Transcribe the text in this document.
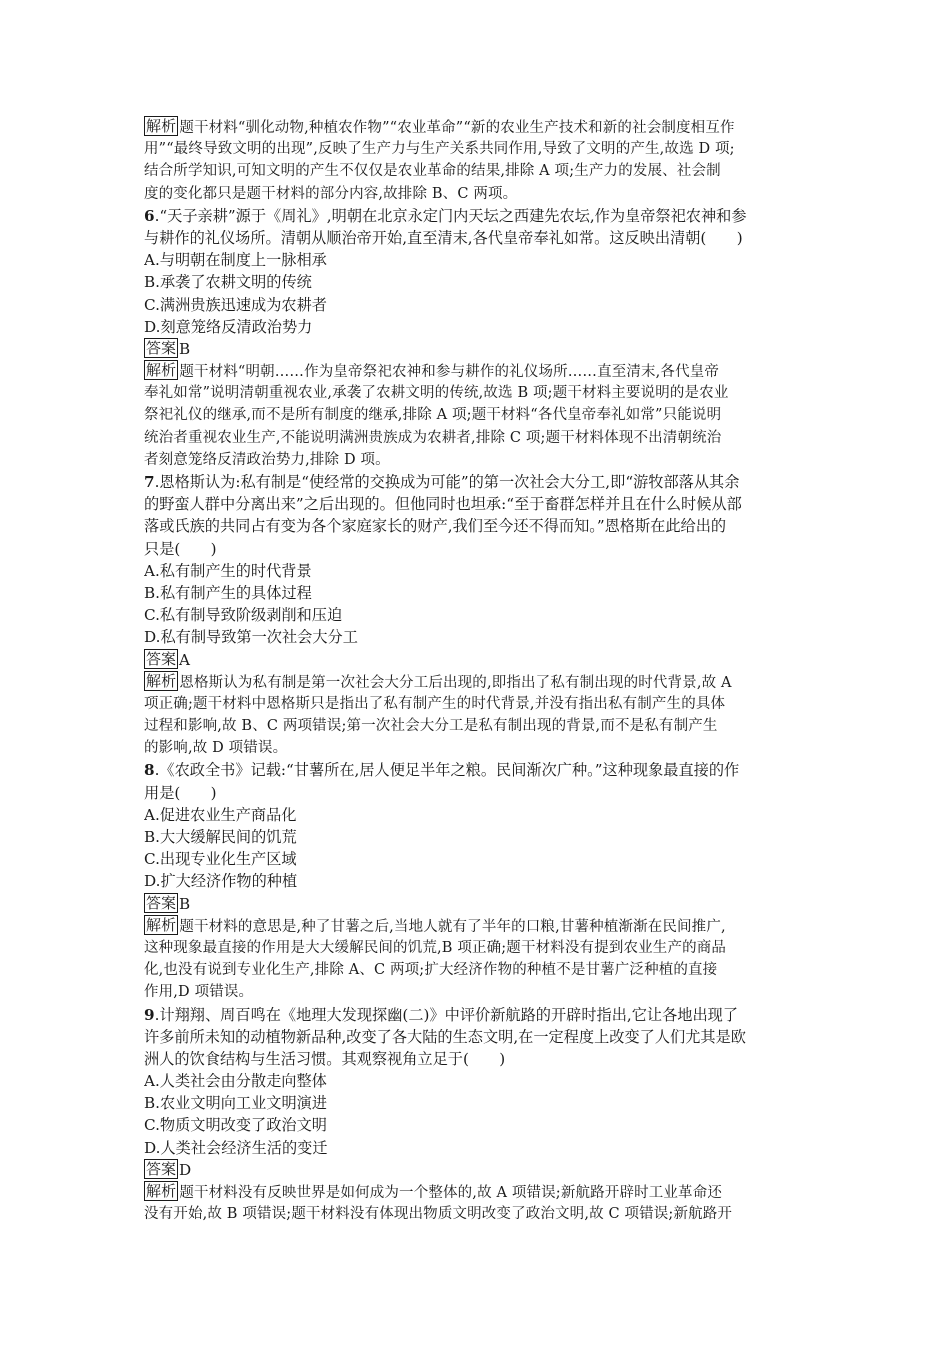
解析 题干材料“驯化动物,种植农作物”“农业革命”“新的农业生产技术和新的社会制度相互作
用”“最终导致文明的出现”,反映了生产力与生产关系共同作用,导致了文明的产生,故选 D 项;
结合所学知识,可知文明的产生不仅仅是农业革命的结果,排除 A 项;生产力的发展、社会制
度的变化都只是题干材料的部分内容,故排除 B、C 两项。
6.“天子亲耕”源于《周礼》,明朝在北京永定门内天坛之西建先农坛,作为皇帝祭祀农神和参
与耕作的礼仪场所。清朝从顺治帝开始,直至清末,各代皇帝奉礼如常。这反映出清朝(　　)
A.与明朝在制度上一脉相承
B.承袭了农耕文明的传统
C.满洲贵族迅速成为农耕者
D.刻意笼络反清政治势力
答案 B
解析 题干材料“明朝……作为皇帝祭祀农神和参与耕作的礼仪场所……直至清末,各代皇帝
奉礼如常”说明清朝重视农业,承袭了农耕文明的传统,故选 B 项;题干材料主要说明的是农业
祭祀礼仪的继承,而不是所有制度的继承,排除 A 项;题干材料“各代皇帝奉礼如常”只能说明
统治者重视农业生产,不能说明满洲贵族成为农耕者,排除 C 项;题干材料体现不出清朝统治
者刻意笼络反清政治势力,排除 D 项。
7.恩格斯认为:私有制是“使经常的交换成为可能”的第一次社会大分工,即“游牧部落从其余
的野蛮人群中分离出来”之后出现的。但他同时也坦承:“至于畜群怎样并且在什么时候从部
落或氏族的共同占有变为各个家庭家长的财产,我们至今还不得而知。”恩格斯在此给出的
只是(　　)
A.私有制产生的时代背景
B.私有制产生的具体过程
C.私有制导致阶级剥削和压迫
D.私有制导致第一次社会大分工
答案 A
解析 恩格斯认为私有制是第一次社会大分工后出现的,即指出了私有制出现的时代背景,故 A
项正确;题干材料中恩格斯只是指出了私有制产生的时代背景,并没有指出私有制产生的具体
过程和影响,故 B、C 两项错误;第一次社会大分工是私有制出现的背景,而不是私有制产生
的影响,故 D 项错误。
8.《农政全书》记载:“甘薯所在,居人便足半年之粮。民间渐次广种。”这种现象最直接的作
用是(　　)
A.促进农业生产商品化
B.大大缓解民间的饥荒
C.出现专业化生产区域
D.扩大经济作物的种植
答案 B
解析 题干材料的意思是,种了甘薯之后,当地人就有了半年的口粮,甘薯种植渐渐在民间推广,
这种现象最直接的作用是大大缓解民间的饥荒,B 项正确;题干材料没有提到农业生产的商品
化,也没有说到专业化生产,排除 A、C 两项;扩大经济作物的种植不是甘薯广泛种植的直接
作用,D 项错误。
9.计翔翔、周百鸣在《地理大发现探幽(二)》中评价新航路的开辟时指出,它让各地出现了
许多前所未知的动植物新品种,改变了各大陆的生态文明,在一定程度上改变了人们尤其是欧
洲人的饮食结构与生活习惯。其观察视角立足于(　　)
A.人类社会由分散走向整体
B.农业文明向工业文明演进
C.物质文明改变了政治文明
D.人类社会经济生活的变迁
答案 D
解析 题干材料没有反映世界是如何成为一个整体的,故 A 项错误;新航路开辟时工业革命还
没有开始,故 B 项错误;题干材料没有体现出物质文明改变了政治文明,故 C 项错误;新航路开
